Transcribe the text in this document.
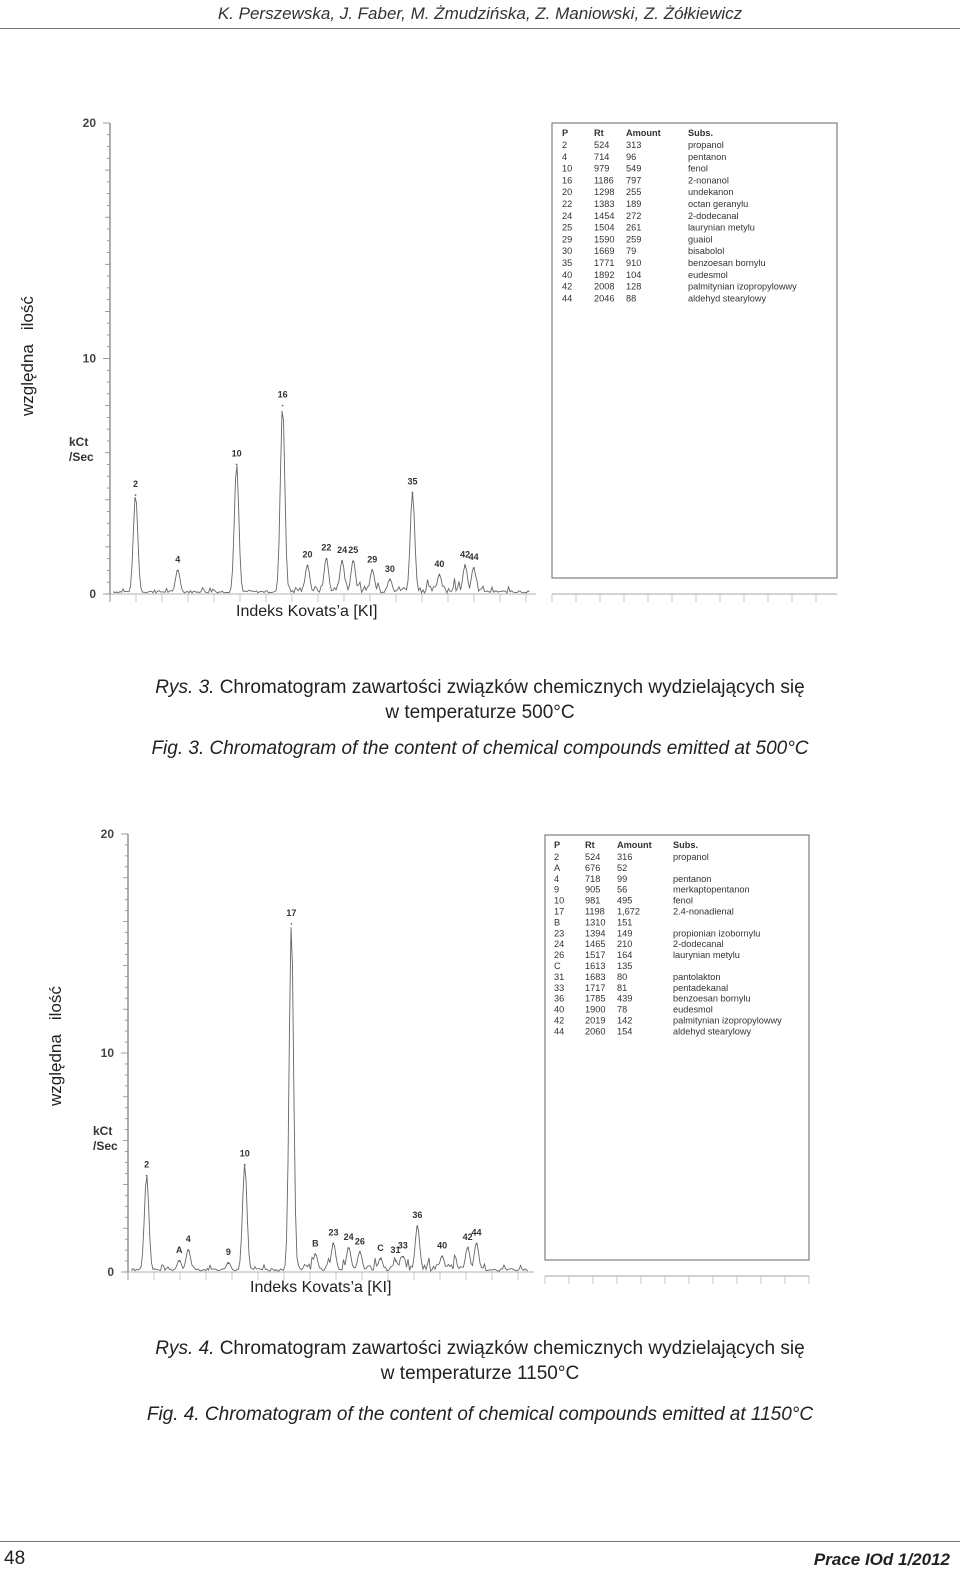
K. Perszewska, J. Faber, M. Żmudzińska, Z. Maniowski, Z. Żółkiewicz
0
10
20
2
4
10
16
20
22 24 25
29
30
35
40
42
44
P	Rt Amount	Subs.
2	524 313	propanol
4	714 96	pentanon
10 979 549	fenol
16 1186 797	2-nonanol
20 1298 255	undekanon
22 1383 189	octan geranylu
24 1454 272	2-dodecanal
25 1504 261	laurynian metylu
29 1590 259	guaiol
30 1669 79	bisabolol
35 1771 910	benzoesan bornylu
40 1892 104	eudesmol
42 2008 128	palmitynian izopropylowwy
44 2046 88	aldehyd stearylowy
względnailość
kCt
/Sec
Indeks Kovats’a [KI]
Rys. 3. Chromatogram zawartości związków chemicznych wydzielających się
w temperaturze 500°C
Fig. 3. Chromatogram of the content of chemical compounds emitted at 500°C
0
10
20
2
A
4
9
10
17
B
23 24 26
C 31
33
36
40
42
44
P	Rt Amount Subs.
2	524 316	propanol
A	676 52
4	718 99	pentanon
9	905 56	merkaptopentanon
10 981 495	fenol
17 1198 1,672	2.4-nonadienal
B	1310 151
23 1394 149	propionian izobornylu
24 1465 210	2-dodecanal
26 1517 164	laurynian metylu
C	1613 135
31 1683 80	pantolakton
33 1717 81	pentadekanal
36 1785 439	benzoesan bornylu
40 1900 78	eudesmol
42 2019 142	palmitynian izopropylowwy
44 2060 154	aldehyd stearylowy
względnailość
kCt
/Sec
Indeks Kovats’a [KI]
Rys. 4. Chromatogram zawartości związków chemicznych wydzielających się
w temperaturze 1150°C
Fig. 4. Chromatogram of the content of chemical compounds emitted at 1150°C
48	Prace IOd 1/2012
